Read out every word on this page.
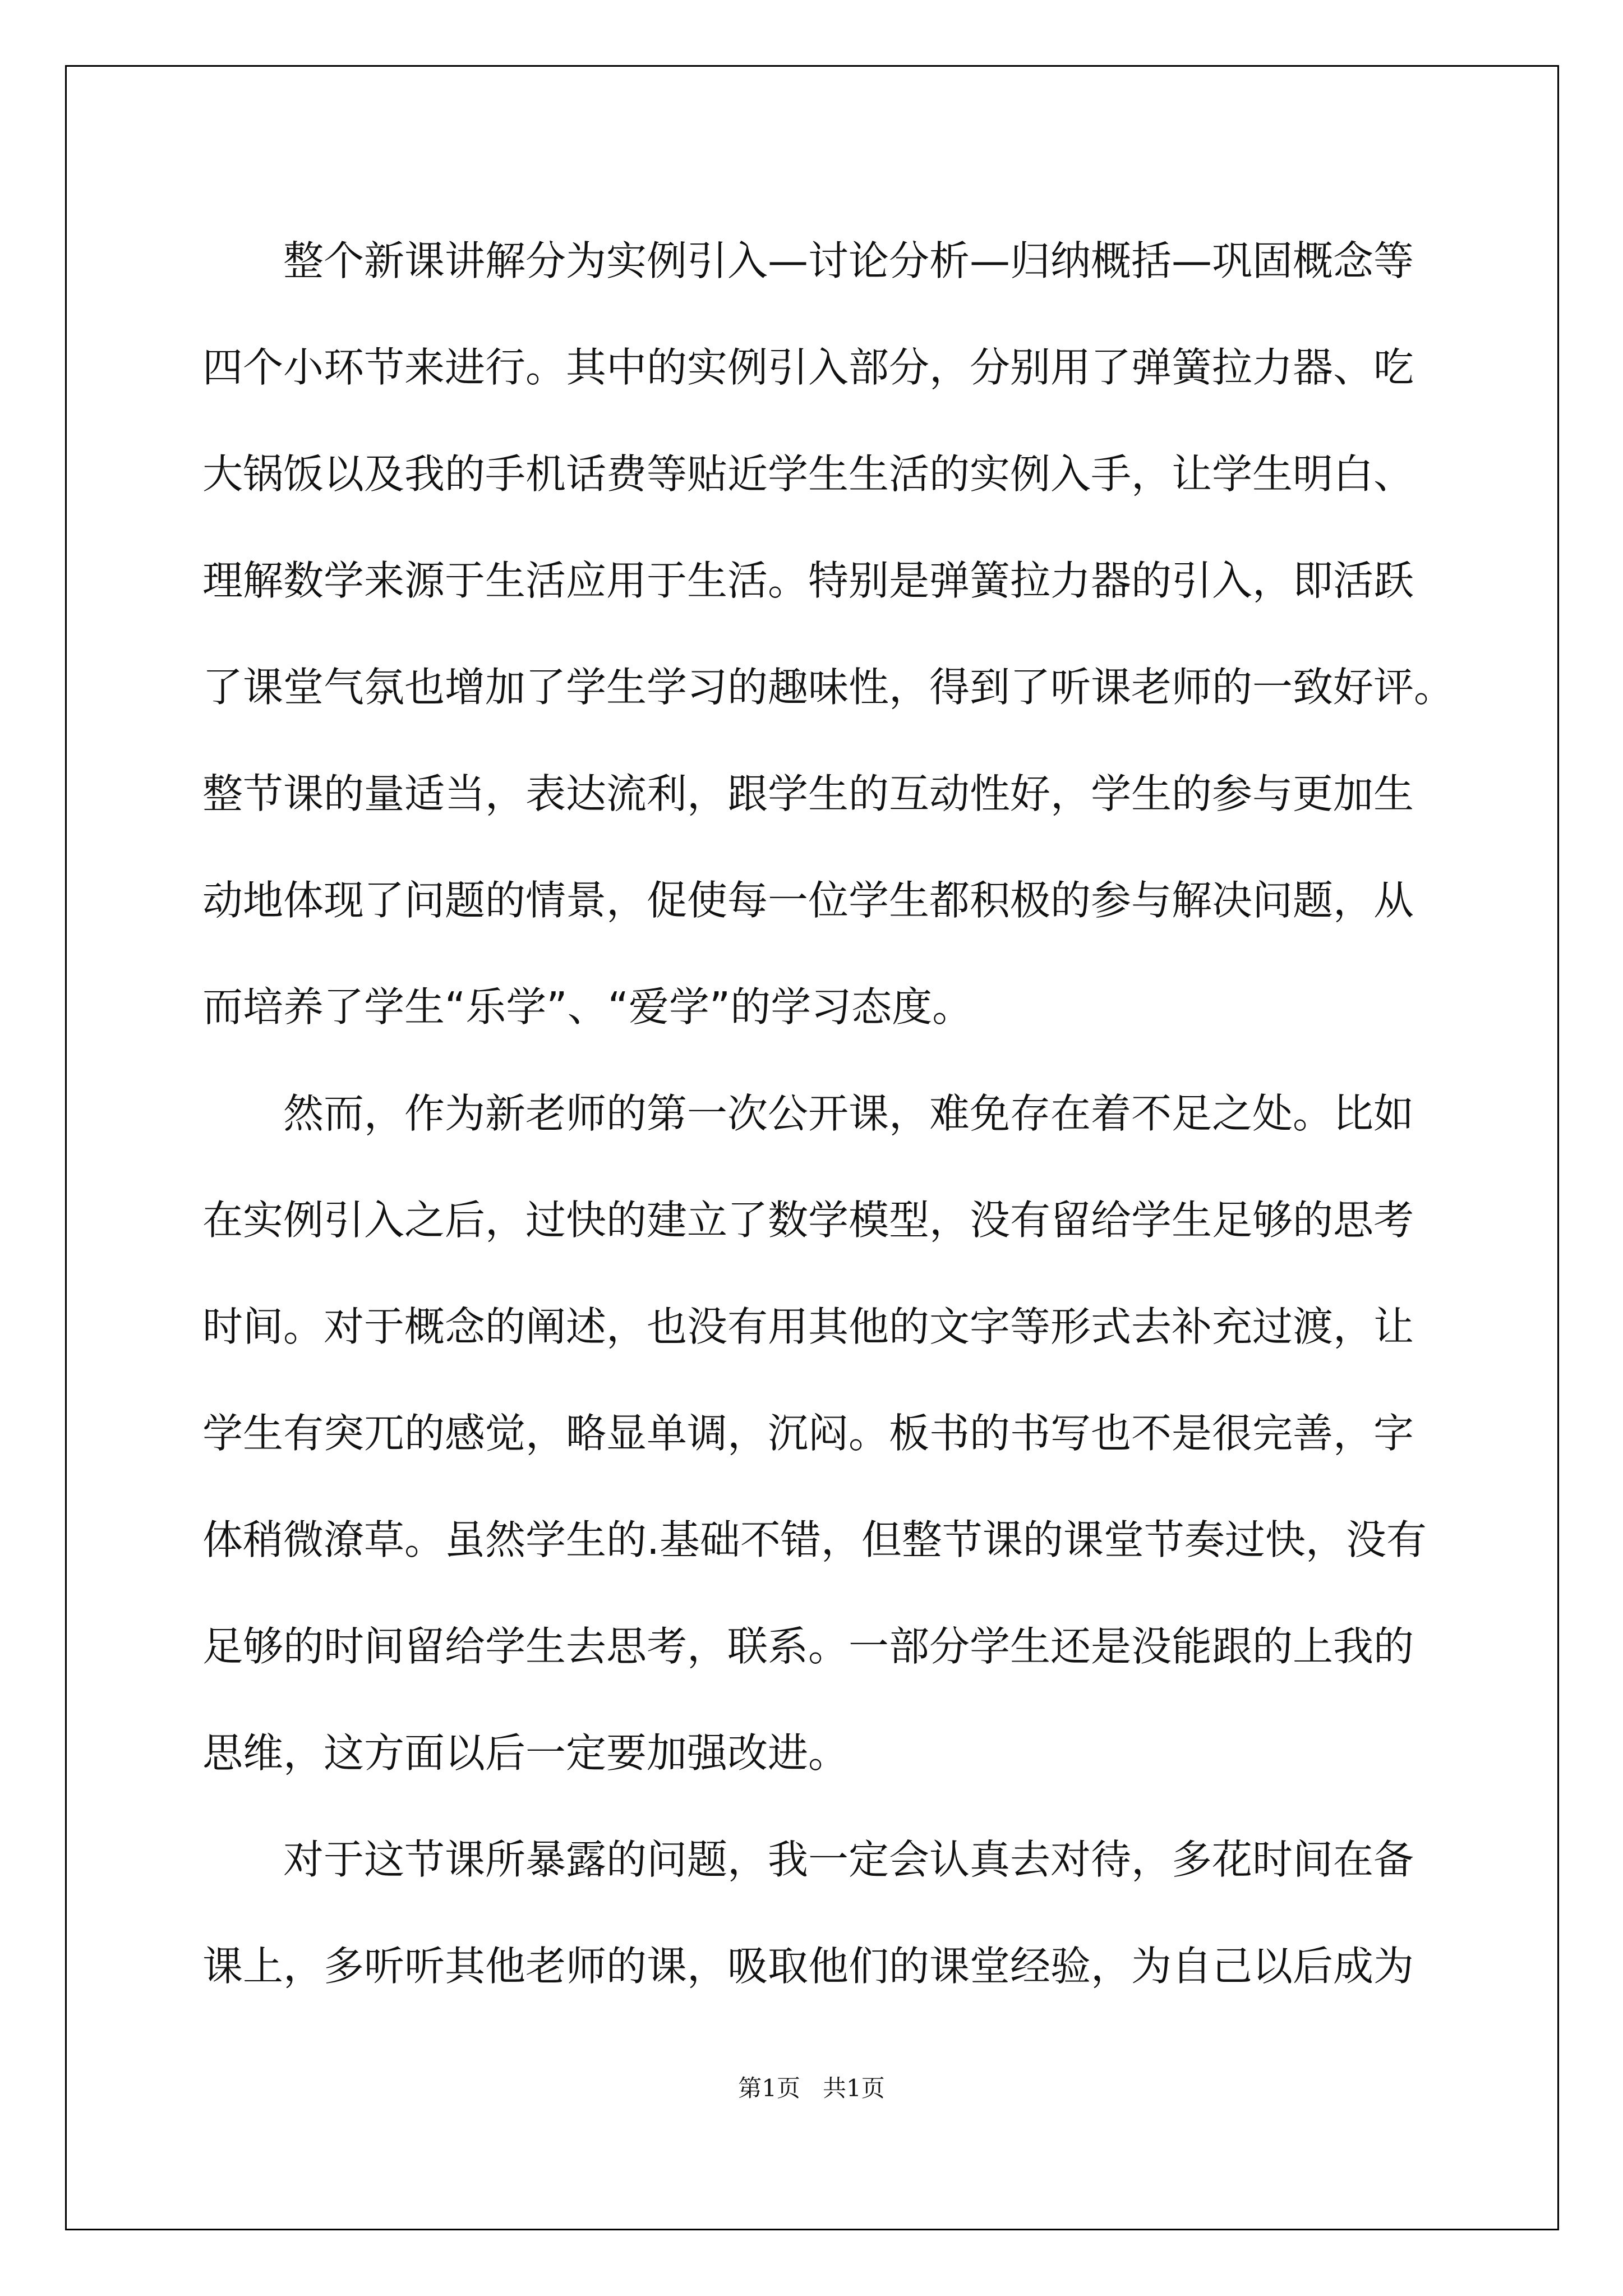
整个新课讲解分为实例引入—讨论分析—归纳概括—巩固概念等
四个小环节来进行。其中的实例引入部分，分别用了弹簧拉力器、吃
大锅饭以及我的手机话费等贴近学生生活的实例入手，让学生明白、
理解数学来源于生活应用于生活。特别是弹簧拉力器的引入，即活跃
了课堂气氛也增加了学生学习的趣味性，得到了听课老师的一致好评。
整节课的量适当，表达流利，跟学生的互动性好，学生的参与更加生
动地体现了问题的情景，促使每一位学生都积极的参与解决问题，从
而培养了学生“乐学”、“爱学”的学习态度。
然而，作为新老师的第一次公开课，难免存在着不足之处。比如
在实例引入之后，过快的建立了数学模型，没有留给学生足够的思考
时间。对于概念的阐述，也没有用其他的文字等形式去补充过渡，让
学生有突兀的感觉，略显单调，沉闷。板书的书写也不是很完善，字
体稍微潦草。虽然学生的.基础不错，但整节课的课堂节奏过快，没有
足够的时间留给学生去思考，联系。一部分学生还是没能跟的上我的
思维，这方面以后一定要加强改进。
对于这节课所暴露的问题，我一定会认真去对待，多花时间在备
课上，多听听其他老师的课，吸取他们的课堂经验，为自己以后成为
第1页   共1页
